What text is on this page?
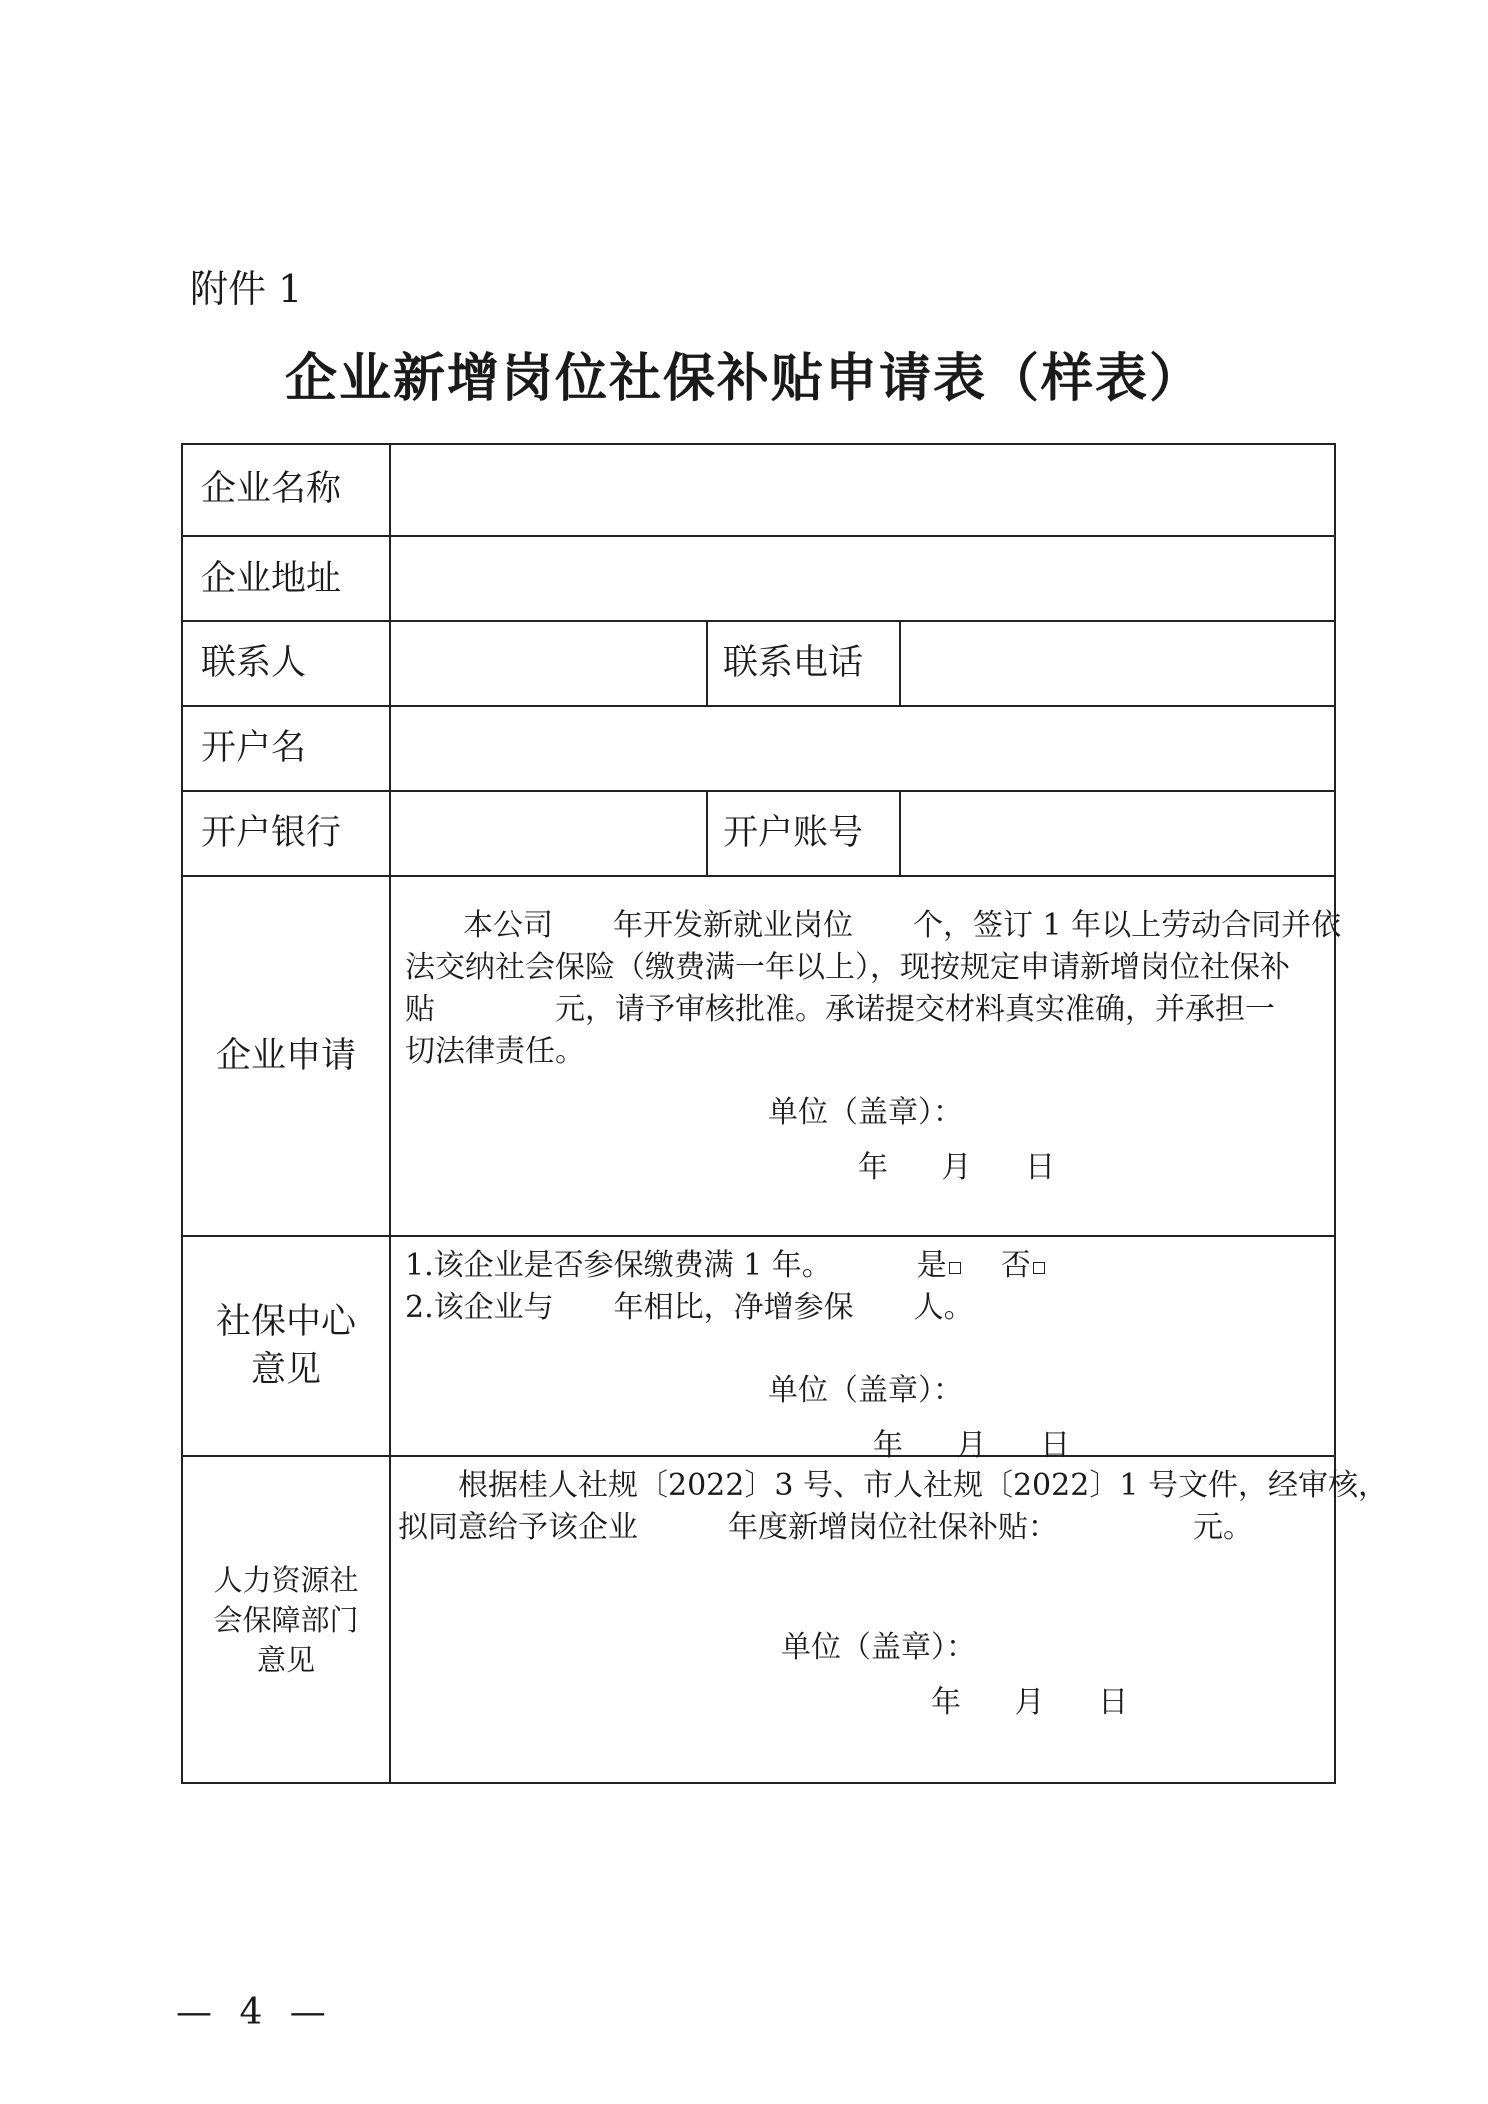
附件 1
企业新增岗位社保补贴申请表（样表）
企业名称
企业地址
联系人	联系电话
开户名
开户银行	开户账号
企业申请
本公司　　年开发新就业岗位　　个，签订 1 年以上劳动合同并依
法交纳社会保险（缴费满一年以上），现按规定申请新增岗位社保补
贴　　　　元，请予审核批准。承诺提交材料真实准确，并承担一
切法律责任。
单位（盖章）：
年 月 日
社保中心
意见
1.该企业是否参保缴费满 1 年。	是 否
2.该企业与　　年相比，净增参保　　人。
单位（盖章）：
年 月 日
人力资源社
会保障部门
意见
根据桂人社规〔2022〕3 号、市人社规〔2022〕1 号文件，经审核，
拟同意给予该企业　　　年度新增岗位社保补贴：　　　　　元。
单位（盖章）：
年 月 日
— 4 —
